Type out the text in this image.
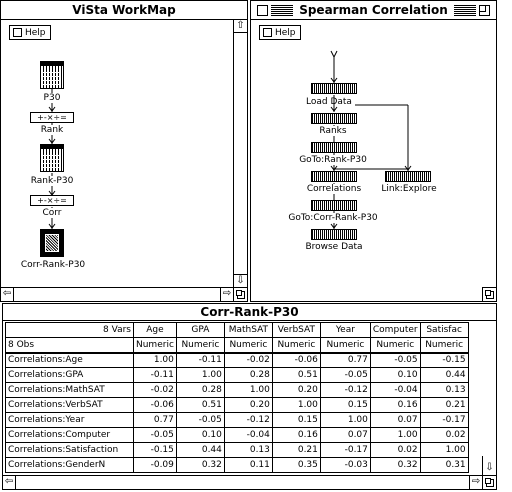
ViSta WorkMap
Help
P30
+-×÷=
Rank
Rank-P30
+-×÷=
Corr
Corr-Rank-P30
⇧
⇩
⇦	⇨
Spearman Correlation
Help
Load Data
Ranks
GoTo:Rank-P30
Correlations	Link:Explore
GoTo:Corr-Rank-P30
Browse Data
Corr-Rank-P30
8 Vars	Age	GPA	MathSAT	VerbSAT	Year	Computer	Satisfac
8 Obs	Numeric	Numeric	Numeric	Numeric	Numeric	Numeric	Numeric
Correlations:Age	1.00	-0.11	-0.02	-0.06	0.77	-0.05	-0.15
Correlations:GPA	-0.11	1.00	0.28	0.51	-0.05	0.10	0.44
Correlations:MathSAT	-0.02	0.28	1.00	0.20	-0.12	-0.04	0.13
Correlations:VerbSAT	-0.06	0.51	0.20	1.00	0.15	0.16	0.21
Correlations:Year	0.77	-0.05	-0.12	0.15	1.00	0.07	-0.17
Correlations:Computer	-0.05	0.10	-0.04	0.16	0.07	1.00	0.02
Correlations:Satisfaction	-0.15	0.44	0.13	0.21	-0.17	0.02	1.00
Correlations:GenderN	-0.09	0.32	0.11	0.35	-0.03	0.32	0.31 ⇩
⇦	⇨
